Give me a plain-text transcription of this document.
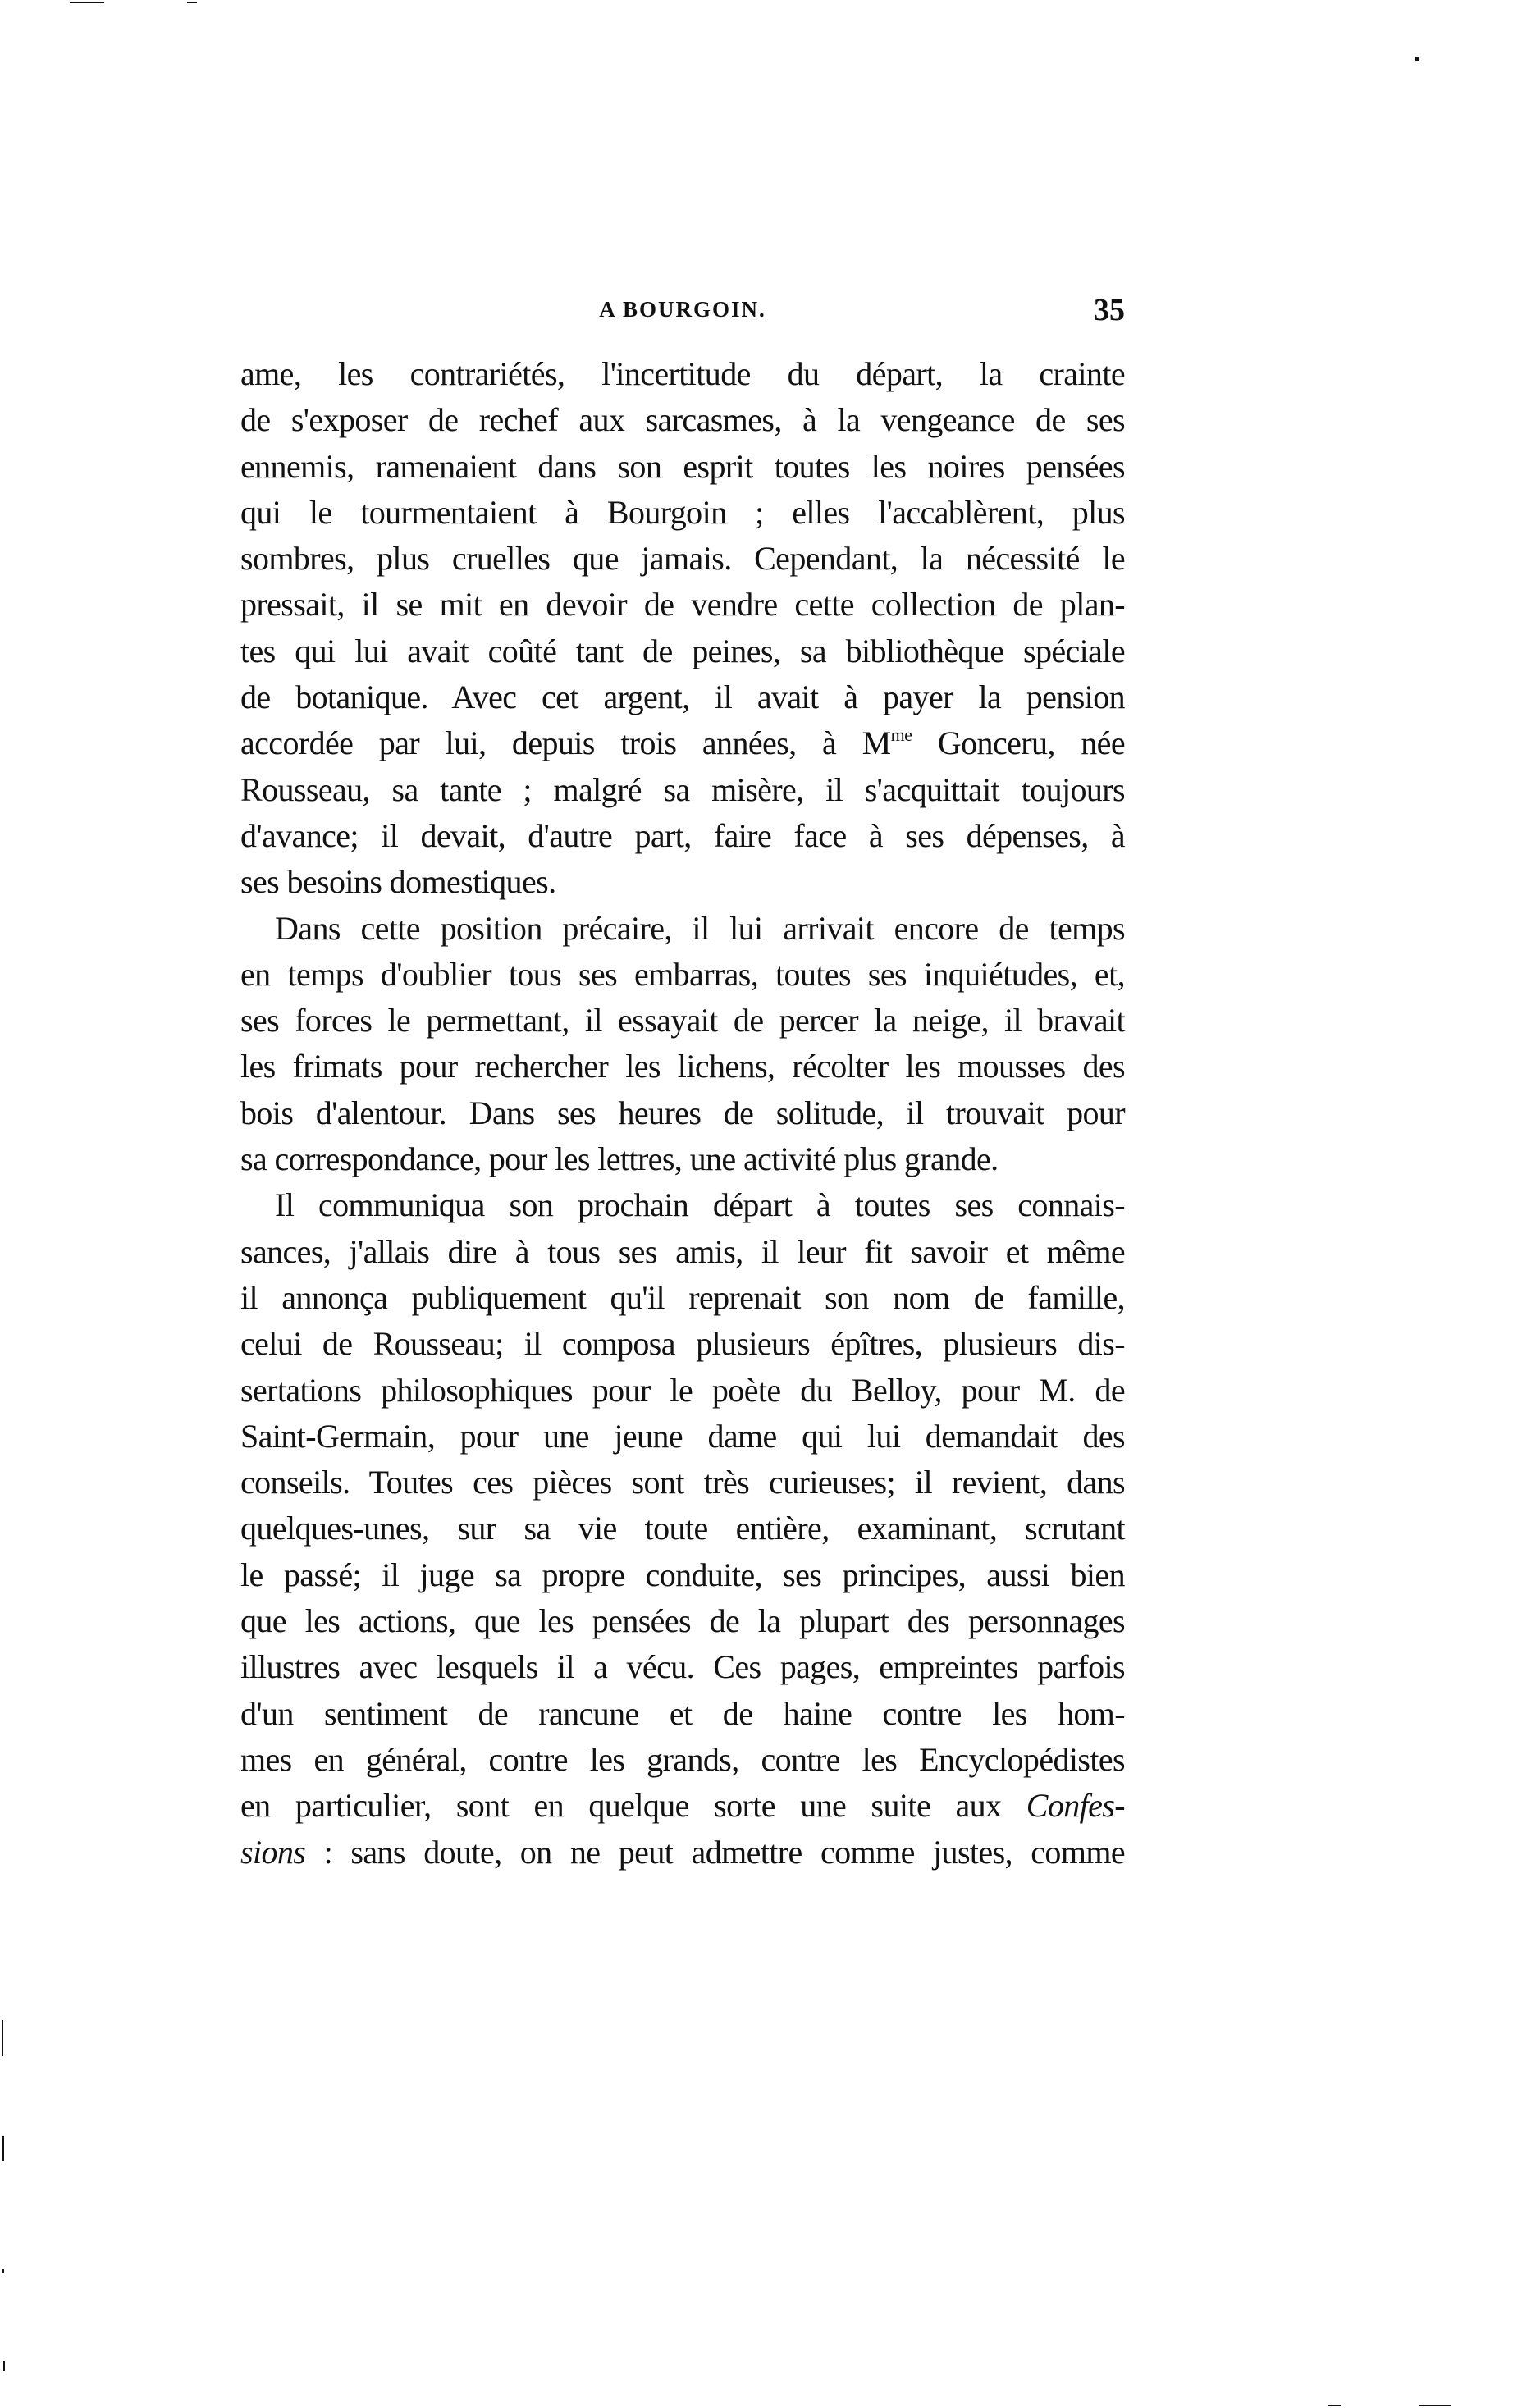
A BOURGOIN.	35
ame, les contrariétés, l'incertitude du départ, la crainte
de s'exposer de rechef aux sarcasmes, à la vengeance de ses
ennemis, ramenaient dans son esprit toutes les noires pensées
qui le tourmentaient à Bourgoin ; elles l'accablèrent, plus
sombres, plus cruelles que jamais. Cependant, la nécessité le
pressait, il se mit en devoir de vendre cette collection de plan-
tes qui lui avait coûté tant de peines, sa bibliothèque spéciale
de botanique. Avec cet argent, il avait à payer la pension
accordée par lui, depuis trois années, à $M^{me}$ Gonceru, née
Rousseau, sa tante ; malgré sa misère, il s'acquittait toujours
d'avance; il devait, d'autre part, faire face à ses dépenses, à
ses besoins domestiques.
Dans cette position précaire, il lui arrivait encore de temps
en temps d'oublier tous ses embarras, toutes ses inquiétudes, et,
ses forces le permettant, il essayait de percer la neige, il bravait
les frimats pour rechercher les lichens, récolter les mousses des
bois d'alentour. Dans ses heures de solitude, il trouvait pour
sa correspondance, pour les lettres, une activité plus grande.
Il communiqua son prochain départ à toutes ses connais-
sances, j'allais dire à tous ses amis, il leur fit savoir et même
il annonça publiquement qu'il reprenait son nom de famille,
celui de Rousseau; il composa plusieurs épîtres, plusieurs dis-
sertations philosophiques pour le poète du Belloy, pour M. de
Saint-Germain, pour une jeune dame qui lui demandait des
conseils. Toutes ces pièces sont très curieuses; il revient, dans
quelques-unes, sur sa vie toute entière, examinant, scrutant
le passé; il juge sa propre conduite, ses principes, aussi bien
que les actions, que les pensées de la plupart des personnages
illustres avec lesquels il a vécu. Ces pages, empreintes parfois
d'un sentiment de rancune et de haine contre les hom-
mes en général, contre les grands, contre les Encyclopédistes
en particulier, sont en quelque sorte une suite aux Confes-
sions : sans doute, on ne peut admettre comme justes, comme
